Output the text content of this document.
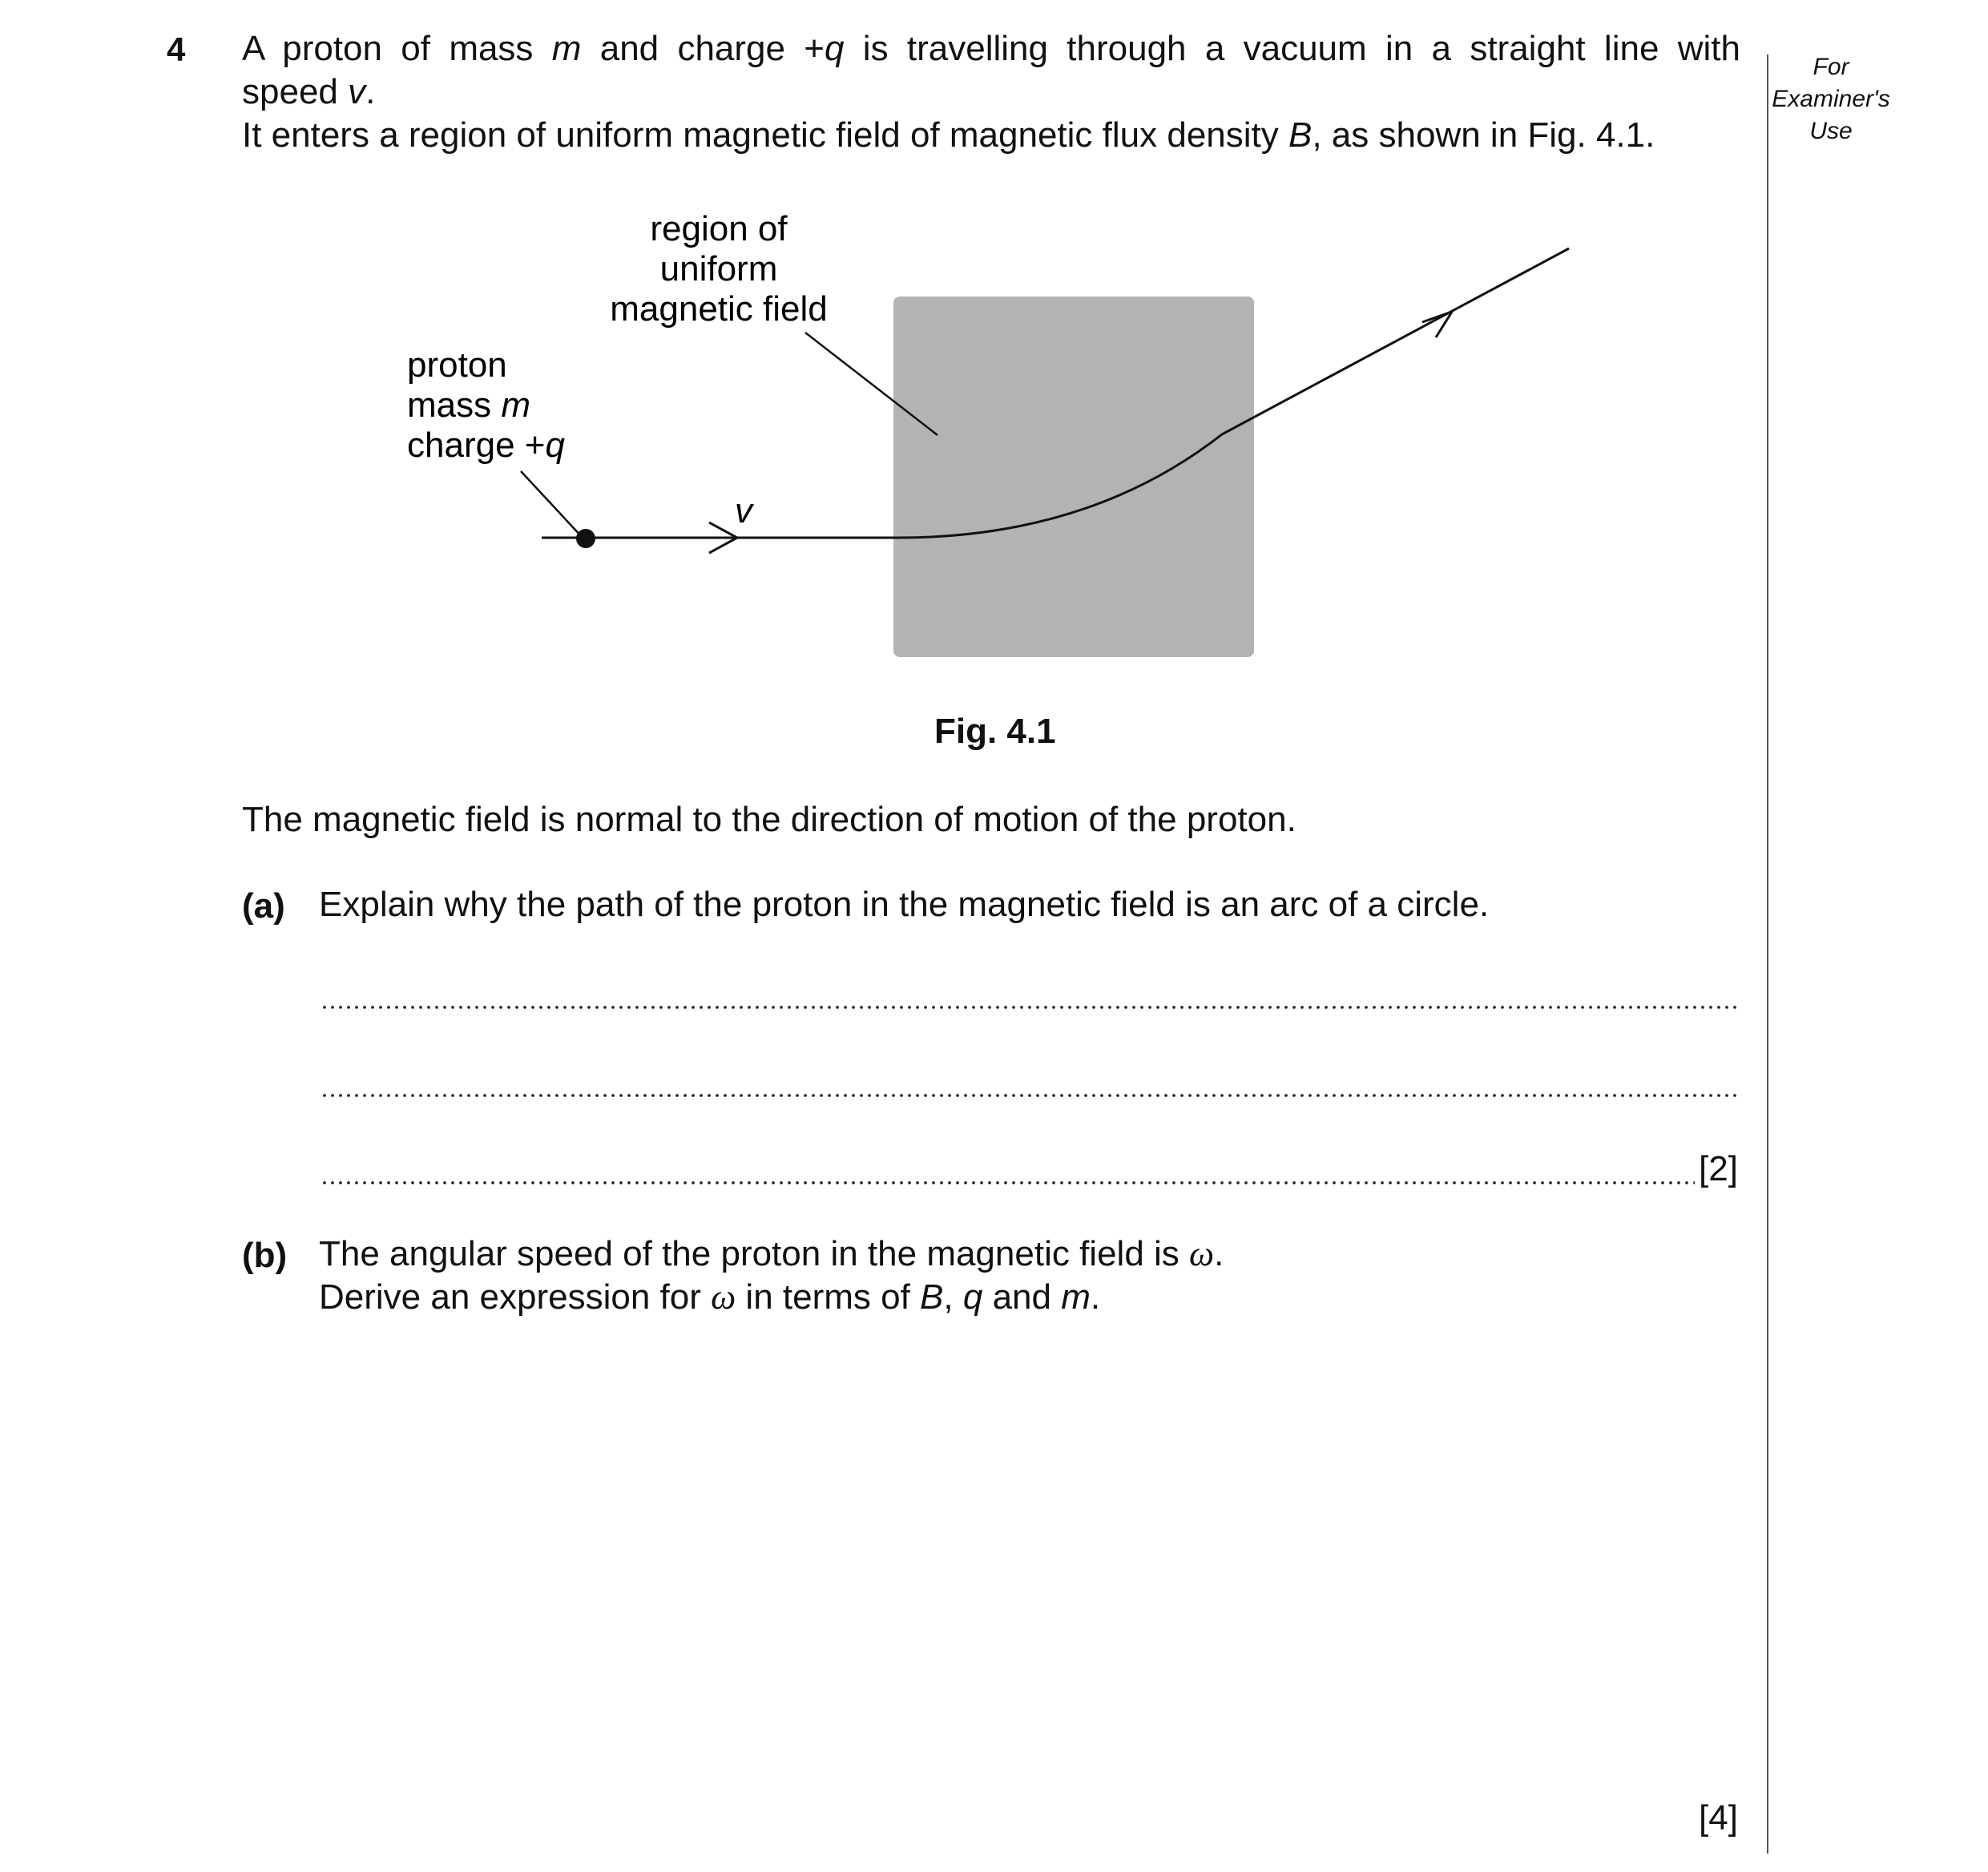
4 A proton of mass m and charge +q is travelling through a vacuum in a straight line with
speed v.
It enters a region of uniform magnetic field of magnetic flux density B, as shown in Fig. 4.1.
For
Examiner's
Use
region of
uniform
magnetic field
proton
mass m
charge +q
v
Fig. 4.1
The magnetic field is normal to the direction of motion of the proton.
(a) Explain why the path of the proton in the magnetic field is an arc of a circle.
[2]
(b) The angular speed of the proton in the magnetic field is ω.
Derive an expression for ω in terms of B, q and m.
[4]
